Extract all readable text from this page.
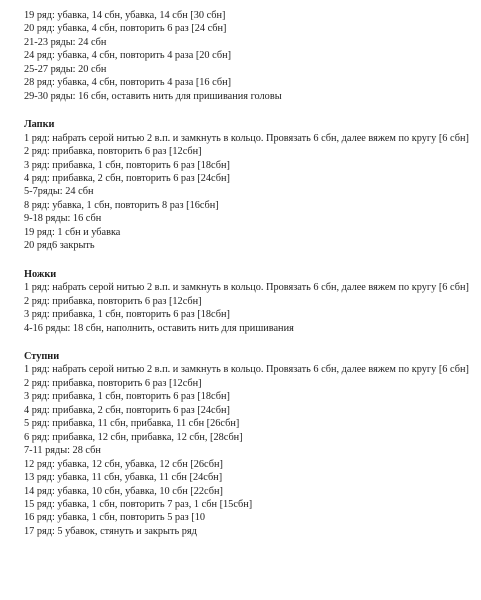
19 ряд: убавка, 14 сбн, убавка, 14 сбн [30 сбн]
20 ряд: убавка, 4 сбн, повторить 6 раз [24 сбн]
21-23 ряды: 24 сбн
24 ряд: убавка, 4 сбн, повторить 4 раза [20 сбн]
25-27 ряды: 20 сбн
28 ряд: убавка, 4 сбн, повторить 4 раза [16 сбн]
29-30 ряды: 16 сбн, оставить нить для пришивания головы
Лапки
1 ряд: набрать серой нитью 2 в.п. и замкнуть в кольцо. Провязать 6 сбн, далее вяжем по кругу [6 сбн]
2 ряд: прибавка, повторить 6 раз [12сбн]
3 ряд: прибавка, 1 сбн, повторить 6 раз [18сбн]
4 ряд: прибавка, 2 сбн, повторить 6 раз [24сбн]
5-7ряды: 24 сбн
8 ряд: убавка, 1 сбн, повторить 8 раз [16сбн]
9-18 ряды: 16 сбн
19 ряд: 1 сбн и убавка
20 ряд6 закрыть
Ножки
1 ряд: набрать серой нитью 2 в.п. и замкнуть в кольцо. Провязать 6 сбн, далее вяжем по кругу [6 сбн]
2 ряд: прибавка, повторить 6 раз [12сбн]
3 ряд: прибавка, 1 сбн, повторить 6 раз [18сбн]
4-16 ряды: 18 сбн, наполнить, оставить нить для пришивания
Ступни
1 ряд: набрать серой нитью 2 в.п. и замкнуть в кольцо. Провязать 6 сбн, далее вяжем по кругу [6 сбн]
2 ряд: прибавка, повторить 6 раз [12сбн]
3 ряд: прибавка, 1 сбн, повторить 6 раз [18сбн]
4 ряд: прибавка, 2 сбн, повторить 6 раз [24сбн]
5 ряд: прибавка, 11 сбн, прибавка, 11 сбн [26сбн]
6 ряд: прибавка, 12 сбн, прибавка, 12 сбн, [28сбн]
7-11 ряды: 28 сбн
12 ряд: убавка, 12 сбн, убавка, 12 сбн [26сбн]
13 ряд: убавка, 11 сбн, убавка, 11 сбн [24сбн]
14 ряд: убавка, 10 сбн, убавка, 10 сбн [22сбн]
15 ряд: убавка, 1 сбн, повторить 7 раз, 1 сбн [15сбн]
16 ряд: убавка, 1 сбн, повторить 5 раз [10
17 ряд: 5 убавок, стянуть и закрыть ряд
